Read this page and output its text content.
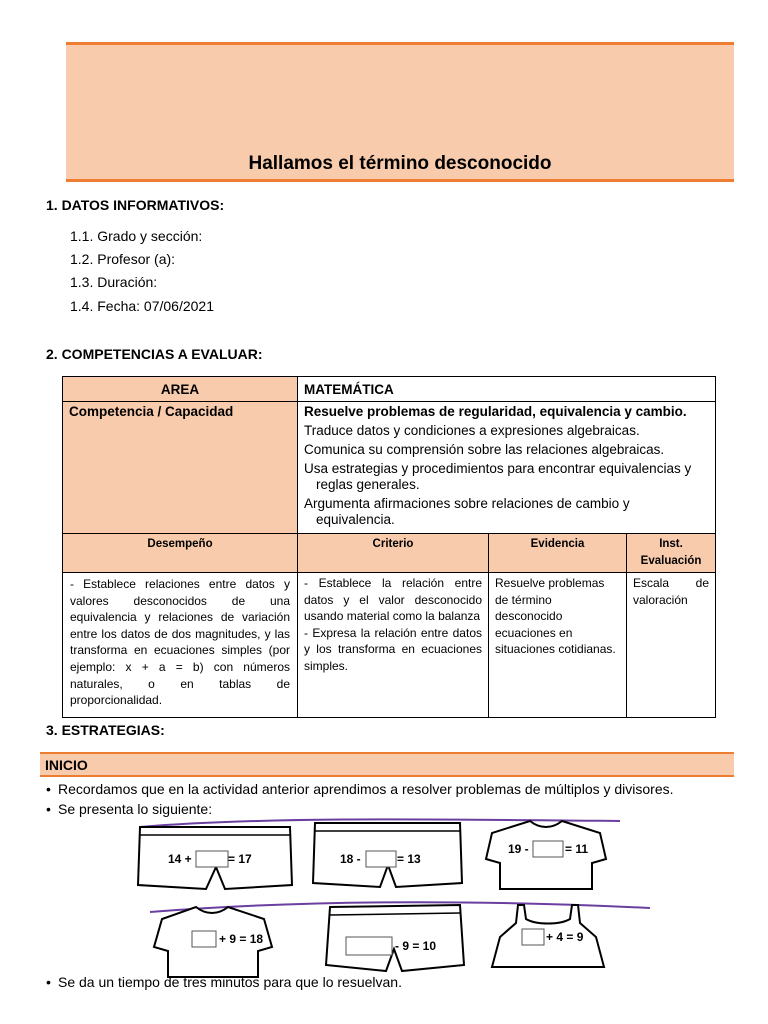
Hallamos el término desconocido
1. DATOS INFORMATIVOS:
1.1. Grado y sección:
1.2. Profesor (a):
1.3. Duración:
1.4. Fecha: 07/06/2021
2. COMPETENCIAS A EVALUAR:
AREA	MATEMÁTICA		
Competencia / Capacidad	Resuelve problemas de regularidad, equivalencia y cambio.
Traduce datos y condiciones a expresiones algebraicas.
Comunica su comprensión sobre las relaciones algebraicas.
Usa estrategias y procedimientos para encontrar equivalencias y reglas generales.
Argumenta afirmaciones sobre relaciones de cambio y equivalencia.		

Desempeño	Criterio	Evidencia	Inst. Evaluación
- Establece relaciones entre datos y valores desconocidos de una equivalencia y relaciones de variación entre los datos de dos magnitudes, y las transforma en ecuaciones simples (por ejemplo: x + a = b) con números naturales, o en tablas de proporcionalidad.	- Establece la relación entre datos y el valor desconocido usando material como la balanza
- Expresa la relación entre datos y los transforma en ecuaciones simples.	Resuelve problemas de término desconocido ecuaciones en situaciones cotidianas.	Escala de valoración
3. ESTRATEGIAS:
INICIO
• Recordamos que en la actividad anterior aprendimos a resolver problemas de múltiplos y divisores.
• Se presenta lo siguiente:
14 +	= 17	18 -	= 13
19 -	= 11
+ 9 = 18	- 9 = 10
+ 4 = 9
• Se da un tiempo de tres minutos para que lo resuelvan.
